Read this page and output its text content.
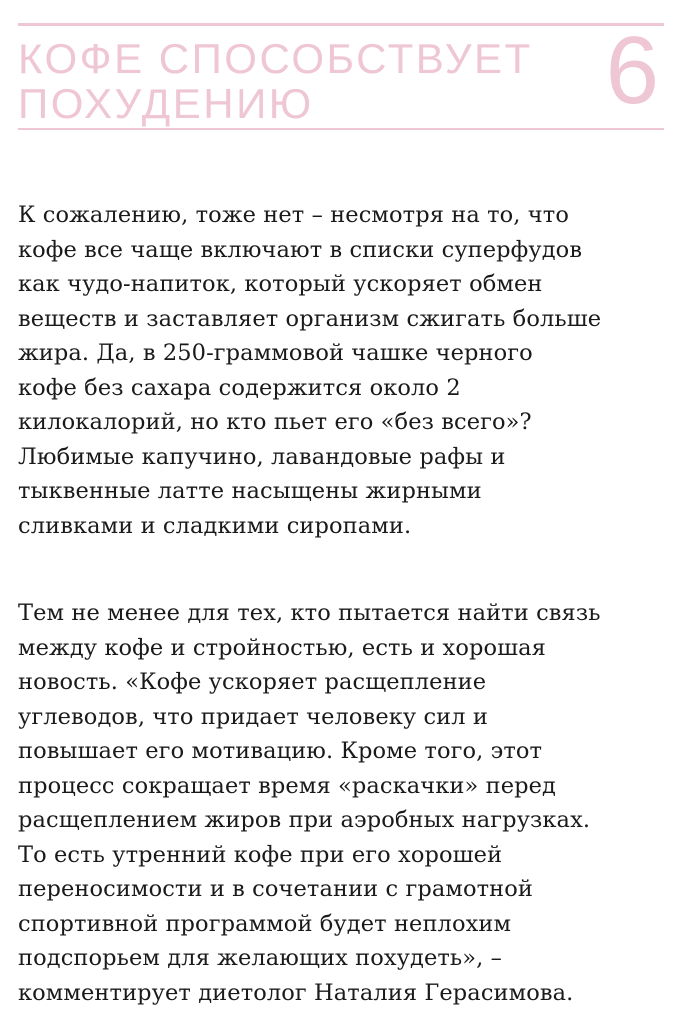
КОФЕ СПОСОБСТВУЕТ
ПОХУДЕНИЮ	6

К сожалению, тоже нет – несмотря на то, что
кофе все чаще включают в списки суперфудов
как чудо-напиток, который ускоряет обмен
веществ и заставляет организм сжигать больше
жира. Да, в 250-граммовой чашке черного
кофе без сахара содержится около 2
килокалорий, но кто пьет его «без всего»?
Любимые капучино, лавандовые рафы и
тыквенные латте насыщены жирными
сливками и сладкими сиропами.

Тем не менее для тех, кто пытается найти связь
между кофе и стройностью, есть и хорошая
новость. «Кофе ускоряет расщепление
углеводов, что придает человеку сил и
повышает его мотивацию. Кроме того, этот
процесс сокращает время «раскачки» перед
расщеплением жиров при аэробных нагрузках.
То есть утренний кофе при его хорошей
переносимости и в сочетании с грамотной
спортивной программой будет неплохим
подспорьем для желающих похудеть», –
комментирует диетолог Наталия Герасимова.
